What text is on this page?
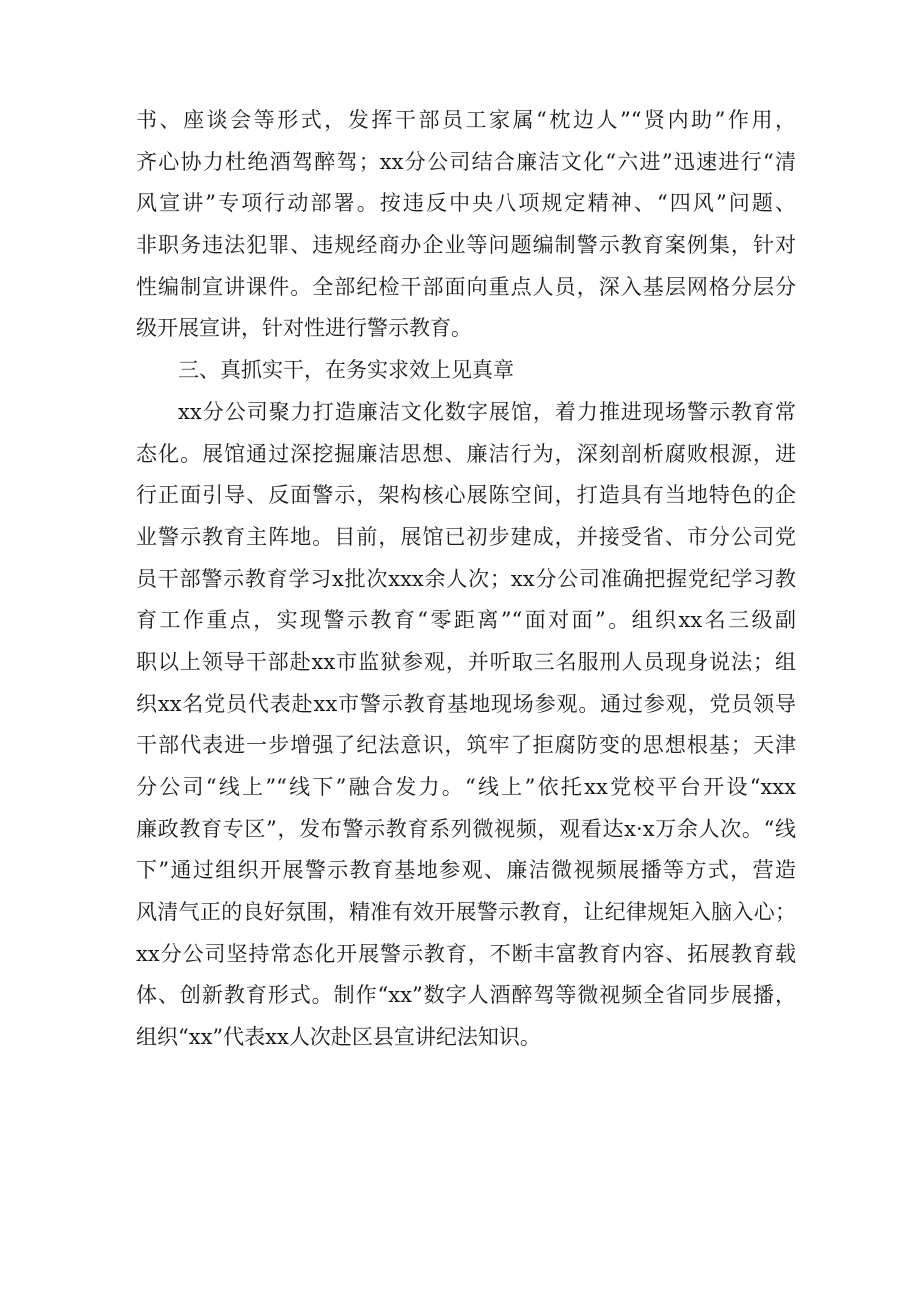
书、座谈会等形式，发挥干部员工家属“枕边人”“贤内助”作用，
齐心协力杜绝酒驾醉驾；xx分公司结合廉洁文化“六进”迅速进行“清
风宣讲”专项行动部署。按违反中央八项规定精神、“四风”问题、
非职务违法犯罪、违规经商办企业等问题编制警示教育案例集，针对
性编制宣讲课件。全部纪检干部面向重点人员，深入基层网格分层分
级开展宣讲，针对性进行警示教育。
三、真抓实干，在务实求效上见真章
xx分公司聚力打造廉洁文化数字展馆，着力推进现场警示教育常
态化。展馆通过深挖掘廉洁思想、廉洁行为，深刻剖析腐败根源，进
行正面引导、反面警示，架构核心展陈空间，打造具有当地特色的企
业警示教育主阵地。目前，展馆已初步建成，并接受省、市分公司党
员干部警示教育学习x批次xxx余人次；xx分公司准确把握党纪学习教
育工作重点，实现警示教育“零距离”“面对面”。组织xx名三级副
职以上领导干部赴xx市监狱参观，并听取三名服刑人员现身说法；组
织xx名党员代表赴xx市警示教育基地现场参观。通过参观，党员领导
干部代表进一步增强了纪法意识，筑牢了拒腐防变的思想根基；天津
分公司“线上”“线下”融合发力。“线上”依托xx党校平台开设“xxx
廉政教育专区”，发布警示教育系列微视频，观看达x·x万余人次。“线
下”通过组织开展警示教育基地参观、廉洁微视频展播等方式，营造
风清气正的良好氛围，精准有效开展警示教育，让纪律规矩入脑入心；
xx分公司坚持常态化开展警示教育，不断丰富教育内容、拓展教育载
体、创新教育形式。制作“xx”数字人酒醉驾等微视频全省同步展播，
组织“xx”代表xx人次赴区县宣讲纪法知识。
